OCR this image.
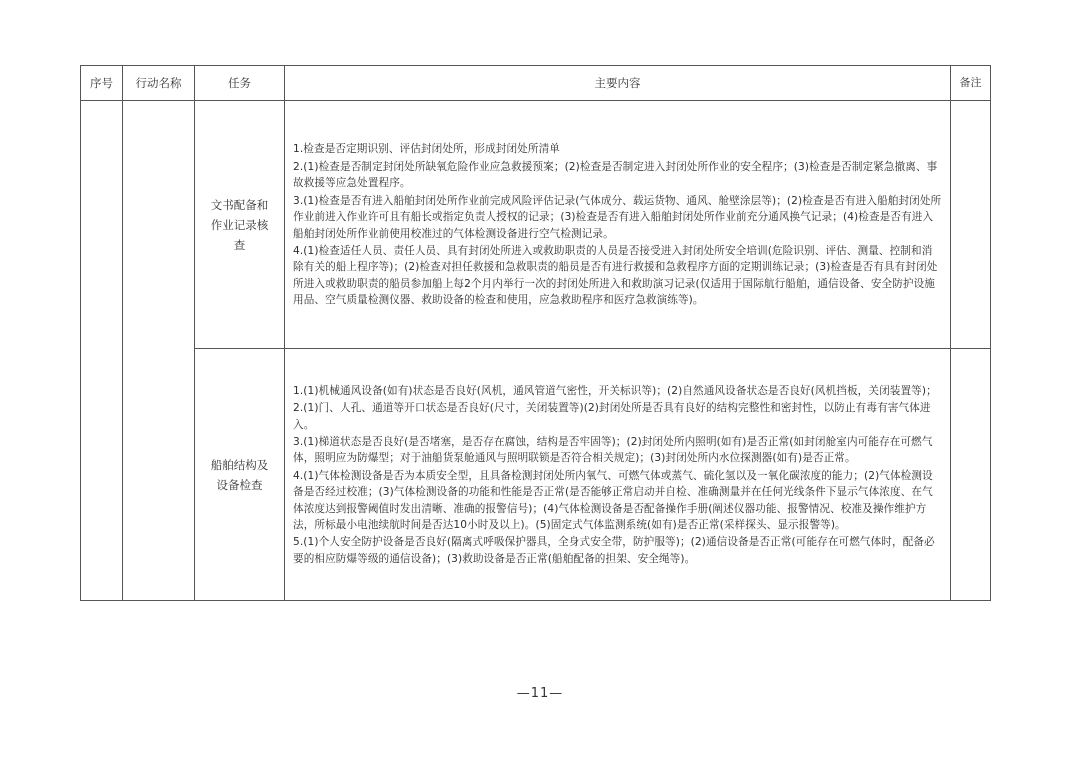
序号	行动名称	任务	主要内容	备注
		文书配备和作业记录核查	1.检查是否定期识别、评估封闭处所，形成封闭处所清单

2.(1)检查是否制定封闭处所缺氧危险作业应急救援预案；(2)检查是否制定进入封闭处所作业的安全程序；(3)检查是否制定紧急撤离、事故救援等应急处置程序。

3.(1)检查是否有进入船舶封闭处所作业前完成风险评估记录(气体成分、载运货物、通风、舱壁涂层等)；(2)检查是否有进入船舶封闭处所作业前进入作业许可且有船长或指定负责人授权的记录；(3)检查是否有进入船舶封闭处所作业前充分通风换气记录；(4)检查是否有进入船舶封闭处所作业前使用校准过的气体检测设备进行空气检测记录。

4.(1)检查适任人员、责任人员、具有封闭处所进入或救助职责的人员是否接受进入封闭处所安全培训(危险识别、评估、测量、控制和消除有关的船上程序等)；(2)检查对担任救援和急救职责的船员是否有进行救援和急救程序方面的定期训练记录；(3)检查是否有具有封闭处所进入或救助职责的船员参加船上每2个月内举行一次的封闭处所进入和救助演习记录(仅适用于国际航行船舶，通信设备、安全防护设施用品、空气质量检测仪器、救助设备的检查和使用，应急救助程序和医疗急救演练等)。	

		船舶结构及设备检查	1.(1)机械通风设备(如有)状态是否良好(风机，通风管道气密性，开关标识等)；(2)自然通风设备状态是否良好(风机挡板，关闭装置等)；

2.(1)门、人孔、通道等开口状态是否良好(尺寸，关闭装置等)(2)封闭处所是否具有良好的结构完整性和密封性，以防止有毒有害气体进入。

3.(1)梯道状态是否良好(是否堵塞，是否存在腐蚀，结构是否牢固等)；(2)封闭处所内照明(如有)是否正常(如封闭舱室内可能存在可燃气体，照明应为防爆型；对于油船货泵舱通风与照明联锁是否符合相关规定)；(3)封闭处所内水位探测器(如有)是否正常。

4.(1)气体检测设备是否为本质安全型，且具备检测封闭处所内氧气、可燃气体或蒸气、硫化氢以及一氧化碳浓度的能力；(2)气体检测设备是否经过校准；(3)气体检测设备的功能和性能是否正常(是否能够正常启动并自检、准确测量并在任何光线条件下显示气体浓度、在气体浓度达到报警阈值时发出清晰、准确的报警信号)；(4)气体检测设备是否配备操作手册(阐述仪器功能、报警情况、校准及操作维护方法，所标最小电池续航时间是否达10小时及以上)。(5)固定式气体监测系统(如有)是否正常(采样探头、显示报警等)。

5.(1)个人安全防护设备是否良好(隔离式呼吸保护器具，全身式安全带，防护服等)；(2)通信设备是否正常(可能存在可燃气体时，配备必要的相应防爆等级的通信设备)；(3)救助设备是否正常(船舶配备的担架、安全绳等)。	

—11—
